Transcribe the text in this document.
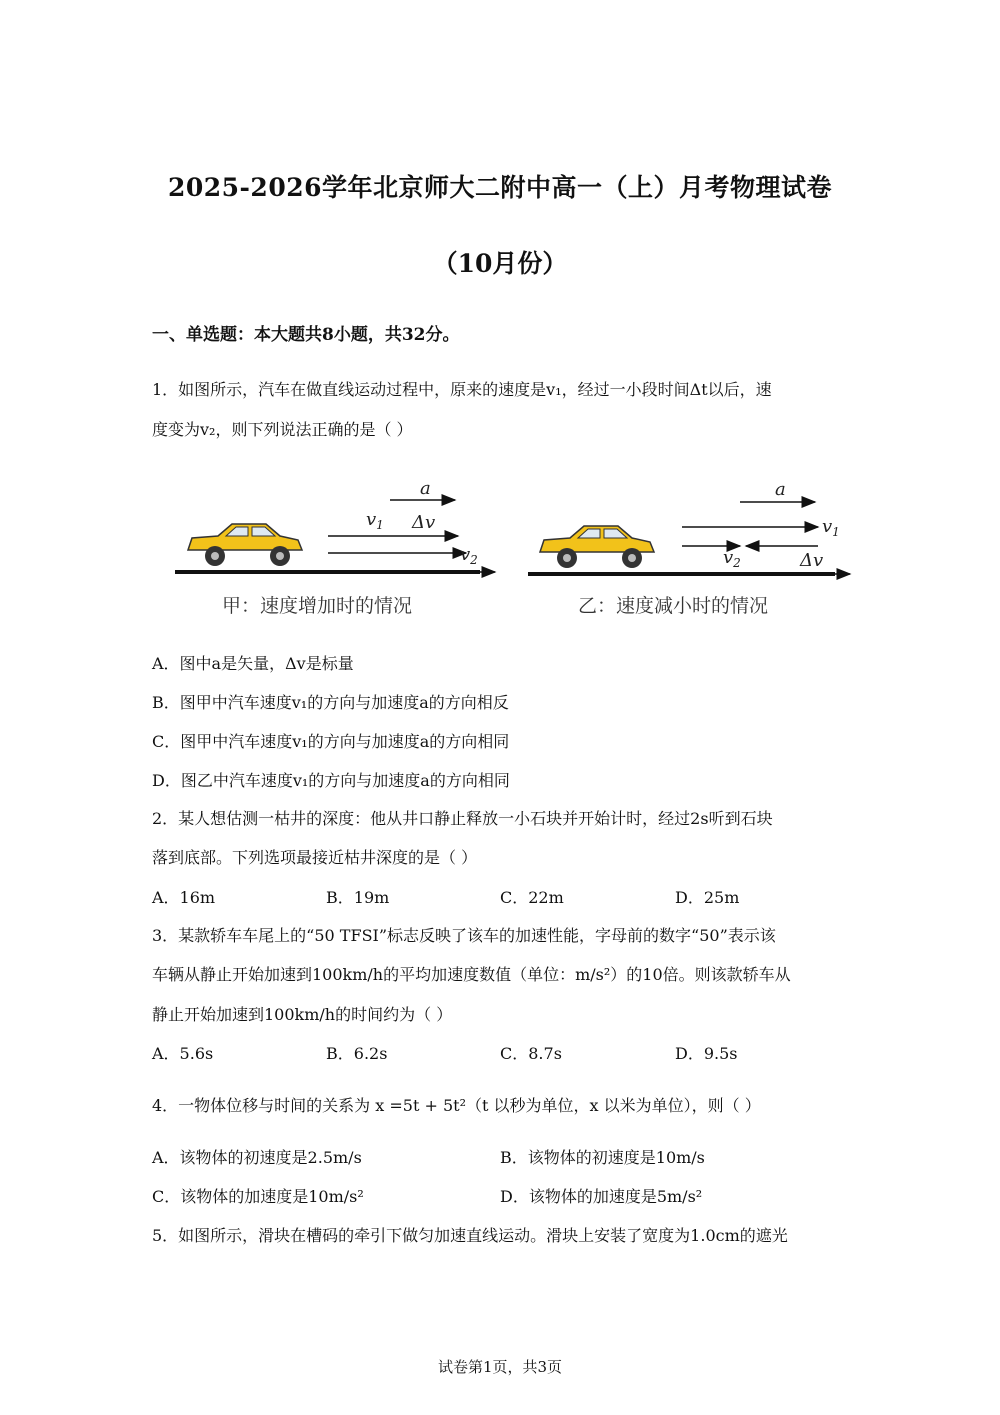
2025-2026学年北京师大二附中高一（上）月考物理试卷
（10月份）
一、单选题：本大题共8小题，共32分。
1．如图所示，汽车在做直线运动过程中，原来的速度是v₁，经过一小段时间Δt以后，速
度变为v₂，则下列说法正确的是（ ）
a
$v_1$ Δv
$v_2$
甲：速度增加时的情况
a
$v_1$
$v_2$	Δv
乙：速度减小时的情况
A．图中a是矢量，Δv是标量
B．图甲中汽车速度v₁的方向与加速度a的方向相反
C．图甲中汽车速度v₁的方向与加速度a的方向相同
D．图乙中汽车速度v₁的方向与加速度a的方向相同
2．某人想估测一枯井的深度：他从井口静止释放一小石块并开始计时，经过2s听到石块
落到底部。下列选项最接近枯井深度的是（ ）
A．16m	B．19m	C．22m	D．25m
3．某款轿车车尾上的“50 TFSI”标志反映了该车的加速性能，字母前的数字“50”表示该
车辆从静止开始加速到100km/h的平均加速度数值（单位：m/s²）的10倍。则该款轿车从
静止开始加速到100km/h的时间约为（ ）
A．5.6s	B．6.2s	C．8.7s	D．9.5s
4．一物体位移与时间的关系为 x =5t + 5t²（t 以秒为单位，x 以米为单位），则（ ）
A．该物体的初速度是2.5m/s	B．该物体的初速度是10m/s
C．该物体的加速度是10m/s²	D．该物体的加速度是5m/s²
5．如图所示，滑块在槽码的牵引下做匀加速直线运动。滑块上安装了宽度为1.0cm的遮光
试卷第1页，共3页
